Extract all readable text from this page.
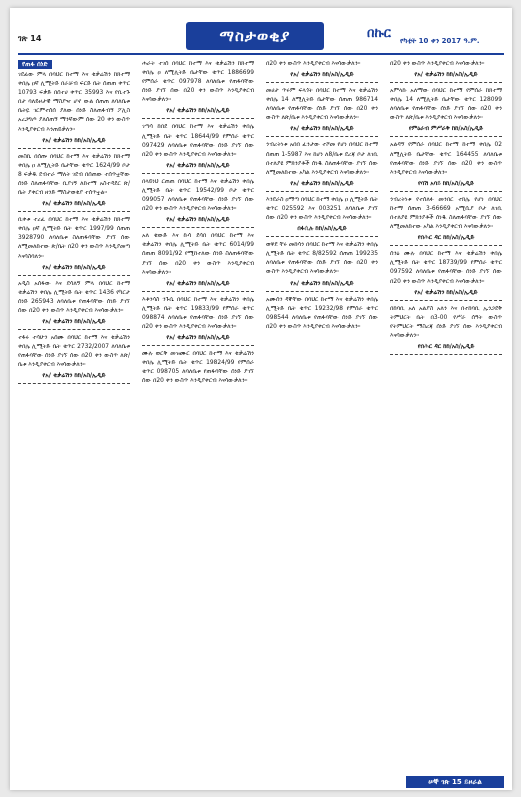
ገጽ 14	ማስታወቂያ	በኩር የካቲት 10 ቀን 2017 ዓ.ም.
የጠፋ ሰነድ

ገደፊው ምላ በባህር ከተማ እና ቂቃሬሽን ከክተማ ቀበሌ ዐኛ ሊሚትድ በራቻብ ፍርድ ቤት ሰጠጠ ቀጥር 10793 ፍቃድ በሰተሀ ቀጥር 35993 እና የቢተጉ በታ ባለይዞታዊ ማስያዣ ሆኖ ውል ሰጠጠ ለባለቤቱ ቤትዬ ገርምተሰሰ ያለው ሰነድ ስለጠፋብኝ ፖሊስ አረጋግጦ ያለሰጠኝ ማንኛውም ሰው 20 ቀን ውስጥ እንዲያቀርብ እንጠይቃለን።

የአ/ ቂቃሬሽን ከከ/አስ/ኢዲድ

መስኪ በሰጡ በባህር ከተማ እና ቂቃሬሽን ከክተማ ቀበሌ ዐ ለሚሊትድ ቤታቸው ቁጥር 1624/99 ቦታ 8 ፍቃዱ ደብተራ ማለት ገደብ በሰጠው ተሰጥቷቸው ሰነድ ስለጠፋባቸው ቢያገኝ ለከተማ አስተዳደር ጽ/ቤት ያቀርብ ዘንድ ማስታወቂያ ተሰጥቷል።

የአ/ ቂቃሬሽን ከከ/አስ/ኢዲድ

ቢቀቱ ተረፈ በባህር ከተማ እና ቂቃሬሽን ከክተማ ቀበሌ ዐኛ ሊሚትድ ቤት ቁጥር 1997/99 ሰጠጠ 3928790 ለባለቤቱ ስለጠፋባቸው ያገኘ ሰው ለሚመለከተው ጽ/ቤት በ20 ቀን ውስጥ እንዲያመጣ እናሳስባለን።

የአ/ ቂቃሬሽን ከከ/አስ/ኢዲድ

አዲስ አሰፋው እና ደሳለኝ ምላ በባህር ከተማ ቂቃሬሽን ቀበሌ ሊሚትድ ቤት ቁጥር 1436 የካርታ ሰነድ 265943 ለባለቤቱ የጠፋባቸው ሰነድ ያገኘ ሰው በ20 ቀን ውስጥ እንዲያቀርብ እናሳውቃለን።

የአ/ ቂቃሬሽን ከከ/አስ/ኢዲድ

ተፋሩ ተሳሁን አሰሙ በባህር ከተማ እና ቂቃሬሽን ቀበሌ ሊሚትድ ቤት ቁጥር 2732/2007 ለባለቤቱ የጠፋባቸው ሰነድ ያገኘ ሰው በ20 ቀን ውስጥ ለጽ/ቤቱ እንዲያቀርብ እናሳውቃለን።

የአ/ ቂቃሬሽን ከከ/አስ/ኢዲድ

ሐራት ተገሰ በባህር ከተማ እና ቂቃሬሽን ከክተማ ቀበሌ ዐ ለሚሊትድ ቤታቸው ቁጥር 1886699 የምሰራ ቁጥር 097978 ለባለቤቱ የጠፋባቸው ሰነድ ያገኘ ሰው በ20 ቀን ውስጥ እንዲያቀርብ እናሳውቃለን።

የአ/ ቂቃሬሽን ከከ/አስ/ኢዲድ

ገጣሳ ከበደ በባህር ከተማ እና ቂቃሬሽን ቀበሌ ሊሚትድ ቤት ቁጥር 18644/99 የምሰራ ቁጥር 097429 ለባለቤቱ የጠፋባቸው ሰነድ ያገኘ ሰው በ20 ቀን ውስጥ እንዲያቀርብ እናሳውቃለን።

የአ/ ቂቃሬሽን ከከ/አስ/ኢዲድ

በላይነህ ርጠጠ በባህር ከተማ እና ቂቃሬሽን ቀበሌ ሊሚትድ ቤት ቁጥር 19542/99 ቦታ ቁጥር 099057 ለባለቤቱ የጠፋባቸው ሰነድ ያገኘ ሰው በ20 ቀን ውስጥ እንዲያቀርብ እናሳውቃለን።

የአ/ ቂቃሬሽን ከከ/አስ/ኢዲድ

አለ ቁውድ እና ኩሳ ደሳበ በባህር ከተማ እና ቂቃሬሽን ቀበሌ ሊሚትድ ቤት ቁጥር 6014/99 ሰጠጠ 8091/92 የሚከተለው ሰነድ ስለጠፋባቸው ያገኘ ሰው በ20 ቀን ውስጥ እንዲያቀርብ እናሳውቃለን።

የአ/ ቂቃሬሽን ከከ/አስ/ኢዲድ

እቶንሳስ ንጉሴ በባህር ከተማ እና ቂቃሬሽን ቀበሌ ሊሚትድ ቤት ቁጥር 19833/99 የምሰራ ቁጥር 098874 ለባለቤቱ የጠፋባቸው ሰነድ ያገኘ ሰው በ20 ቀን ውስጥ እንዲያቀርብ እናሳውቃለን።

የአ/ ቂቃሬሽን ከከ/አስ/ኢዲድ

ሙሉ ወርቅ መዝሙር በባህር ከተማ እና ቂቃሬሽን ቀበሌ ሊሚትድ ቤት ቁጥር 19824/99 የምሰራ ቁጥር 098705 ለባለቤቱ የጠፋባቸው ሰነድ ያገኘ ሰው በ20 ቀን ውስጥ እንዲያቀርብ እናሳውቃለን።

በ20 ቀን ውስጥ እንዲያቀርብ እናሳውቃለን።

የአ/ ቂቃሬሽን ከከ/አስ/ኢዲድ

መሀታ ጥሩም ፍላጎት በባህር ከተማ እና ቂቃሬሽን ቀበሌ 14 ለሚሊትድ ቤታቸው ሰጠጠ 986714 ለባለቤቱ የጠፋባቸው ሰነድ ያገኘ ሰው በ20 ቀን ውስጥ ለጽ/ቤቱ እንዲያቀርብ እናሳውቃለን።

የአ/ ቂቃሬሽን ከከ/አስ/ኢዲድ

ንብረትነቱ አበበ ፈንታው ተሾመ የሆነ በባህር ከተማ ሰጠጠ 1-5987 እና ከሆነ ለ8/ቤቱ ደረጃ ቦታ ለገቢ በተለያዩ ምክንያቶች ሰነዱ ስለጠፋባቸው ያገኘ ሰው ለሚመለከተው አካል እንዲያቀርብ እናሳውቃለን።

የአ/ ቂቃሬሽን ከከ/አስ/ኢዲድ

እንደራስ ዐማጣ በባህር ከተማ ቀበሌ ዐ ሊሚትድ ቤት ቁጥር 025592 እና 003251 ለባለቤቱ ያገኘ ሰው በ20 ቀን ውስጥ እንዲያቀርብ እናሳውቃለን።

በፋሲሉ ከከ/አስ/ኢዲድ

ወዋደ ቸሩ መከሳን በባህር ከተማ እና ቂቃሬሽን ቀበሌ ሊሚትድ ቤት ቁጥር 8/82592 ሰጠጠ 199235 ለባለቤቱ የጠፋባቸው ሰነድ ያገኘ ሰው በ20 ቀን ውስጥ እንዲያቀርብ እናሳውቃለን።

የአ/ ቂቃሬሽን ከከ/አስ/ኢዲድ

አሙሰን ዳኞቸው በባህር ከተማ እና ቂቃሬሽን ቀበሌ ሊሚትድ ቤት ቁጥር 19232/98 የምሰራ ቁጥር 098544 ለባለቤቱ የጠፋባቸው ሰነድ ያገኘ ሰው በ20 ቀን ውስጥ እንዲያቀርብ እናሳውቃለን።

በ20 ቀን ውስጥ እንዲያቀርብ እናሳውቃለን።

የአ/ ቂቃሬሽን ከከ/አስ/ኢዲድ

አምላኩ አለማው በባህር ከተማ የምሰራ ከክተማ ቀበሌ 14 ለሚሊትድ ቤታቸው ቁጥር 128099 ለባለቤቱ የጠፋባቸው ሰነድ ያገኘ ሰው በ20 ቀን ውስጥ ለጽ/ቤቱ እንዲያቀርብ እናሳውቃለን።

የምዕራብ ምሥራቅ ከከ/አስ/ኢዲድ

አልዳኝ የምሰራ በባህር ከተማ ከተማ ቀበሌ 02 ለሚሊትድ ቤታቸው ቁጥር 164455 ለባለቤቱ የጠፋባቸው ሰነድ ያገኘ ሰው በ20 ቀን ውስጥ እንዲያቀርብ እናሳውቃለን።

የባሽ አባይ ከከ/አስ/ኢዲድ

ንብረትነቱ የተሰለፉ መንበር ተክሌ የሆነ በባህር ከተማ ሰጠጠ 3-66669 አሚሲያ ቦታ ለገቢ በተለያዩ ምክንያቶች ሰነዱ ስለጠፋባቸው ያገኘ ሰው ለሚመለከተው አካል እንዲያቀርብ እናሳውቃለን።

የበሕር ዳር ከከ/አስ/ኢዲድ

ሰንዕ ሙሉ በባህር ከተማ እና ቂቃሬሽን ቀበሌ ሊሚትድ ቤት ቁጥር 18739/99 የምሰራ ቁጥር 097592 ለባለቤቱ የጠፋባቸው ሰነድ ያገኘ ሰው በ20 ቀን ውስጥ እንዲያቀርብ እናሳውቃለን።

የአ/ ቂቃሬሽን ከከ/አስ/ኢዲድ

በከባቢ አለ አልያስ አለን እና በተከባቢ ኢንጋደቅ ትምህርት ቤት በ3-00 የሥራ ሰዓት ውስጥ የትምህርት ማስረጃ ሰነድ ያገኘ ሰው እንዲያቀርብ እናሳውቃለን።

የበሕር ዳር ከከ/አስ/ኢዲድ
ሠኞ ገጽ 15 ይዞራል
